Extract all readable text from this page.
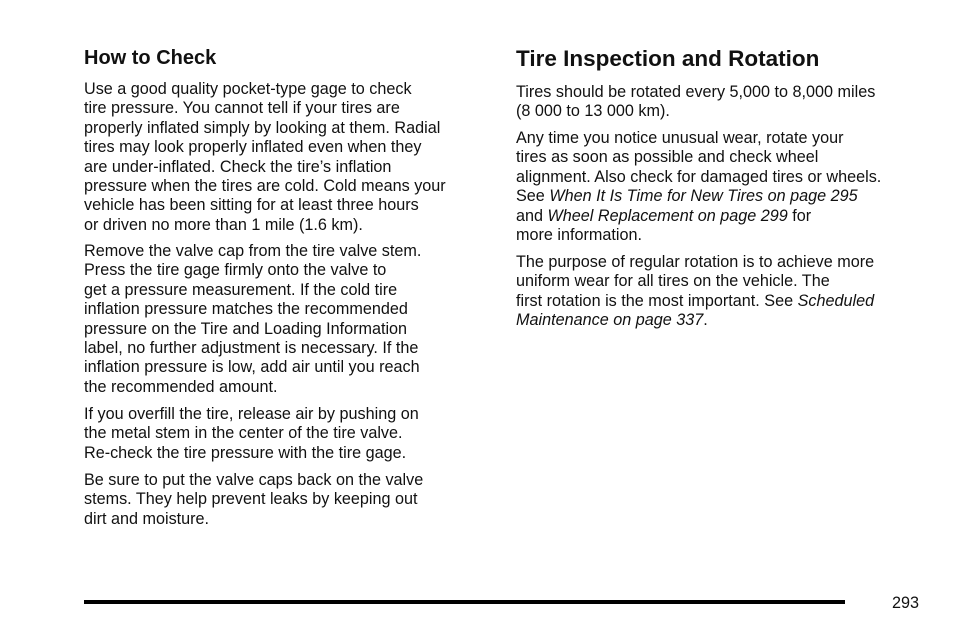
How to Check
Use a good quality pocket-type gage to check
tire pressure. You cannot tell if your tires are
properly inflated simply by looking at them. Radial
tires may look properly inflated even when they
are under-inflated. Check the tire’s inflation
pressure when the tires are cold. Cold means your
vehicle has been sitting for at least three hours
or driven no more than 1 mile (1.6 km).
Remove the valve cap from the tire valve stem.
Press the tire gage firmly onto the valve to
get a pressure measurement. If the cold tire
inflation pressure matches the recommended
pressure on the Tire and Loading Information
label, no further adjustment is necessary. If the
inflation pressure is low, add air until you reach
the recommended amount.
If you overfill the tire, release air by pushing on
the metal stem in the center of the tire valve.
Re-check the tire pressure with the tire gage.
Be sure to put the valve caps back on the valve
stems. They help prevent leaks by keeping out
dirt and moisture.
Tire Inspection and Rotation
Tires should be rotated every 5,000 to 8,000 miles
(8 000 to 13 000 km).
Any time you notice unusual wear, rotate your
tires as soon as possible and check wheel
alignment. Also check for damaged tires or wheels.
See When It Is Time for New Tires on page 295
and Wheel Replacement on page 299 for
more information.
The purpose of regular rotation is to achieve more
uniform wear for all tires on the vehicle. The
first rotation is the most important. See Scheduled
Maintenance on page 337.
293
